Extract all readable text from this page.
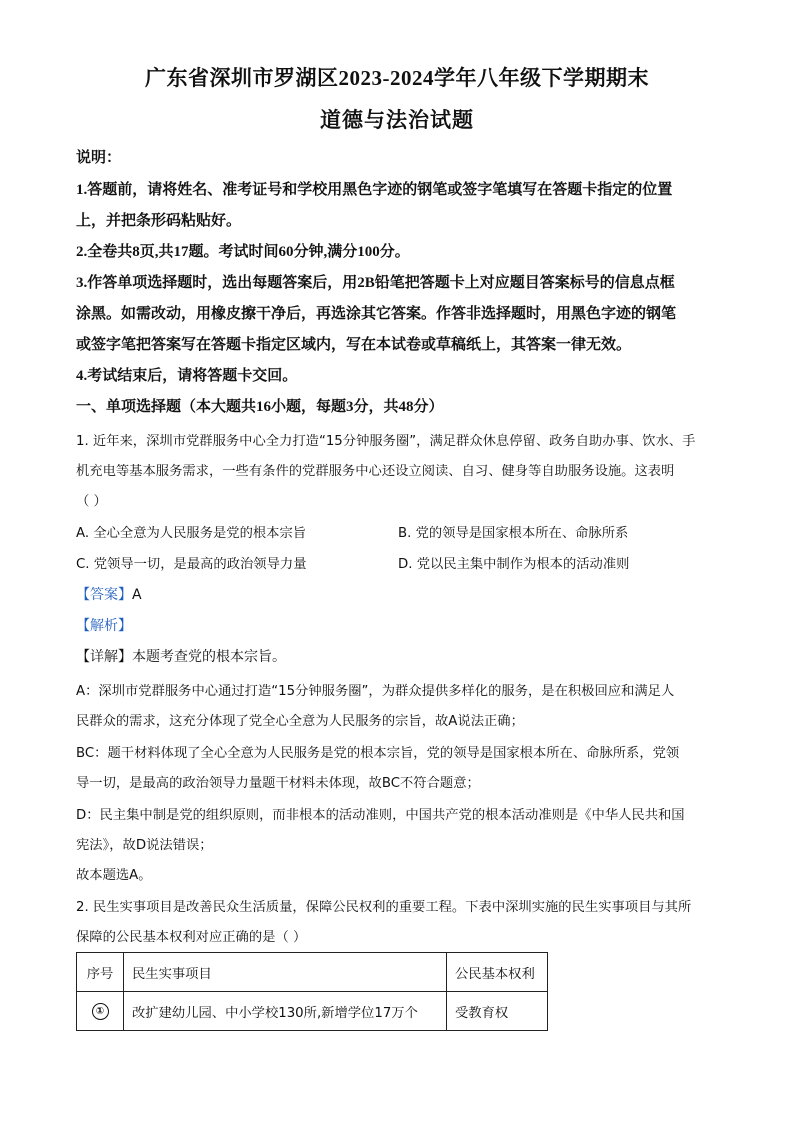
广东省深圳市罗湖区2023-2024学年八年级下学期期末
道德与法治试题
说明：
1.答题前，请将姓名、准考证号和学校用黑色字迹的钢笔或签字笔填写在答题卡指定的位置
上，并把条形码粘贴好。
2.全卷共8页,共17题。考试时间60分钟,满分100分。
3.作答单项选择题时，选出每题答案后，用2B铅笔把答题卡上对应题目答案标号的信息点框
涂黑。如需改动，用橡皮擦干净后，再选涂其它答案。作答非选择题时，用黑色字迹的钢笔
或签字笔把答案写在答题卡指定区域内，写在本试卷或草稿纸上，其答案一律无效。
4.考试结束后，请将答题卡交回。
一、单项选择题（本大题共16小题，每题3分，共48分）
1. 近年来，深圳市党群服务中心全力打造“15分钟服务圈”，满足群众休息停留、政务自助办事、饮水、手
机充电等基本服务需求，一些有条件的党群服务中心还设立阅读、自习、健身等自助服务设施。这表明
（ ）
A. 全心全意为人民服务是党的根本宗旨	B. 党的领导是国家根本所在、命脉所系
C. 党领导一切，是最高的政治领导力量	D. 党以民主集中制作为根本的活动准则
【答案】A
【解析】
【详解】本题考查党的根本宗旨。
A：深圳市党群服务中心通过打造“15分钟服务圈”，为群众提供多样化的服务，是在积极回应和满足人
民群众的需求，这充分体现了党全心全意为人民服务的宗旨，故A说法正确；
BC：题干材料体现了全心全意为人民服务是党的根本宗旨，党的领导是国家根本所在、命脉所系，党领
导一切，是最高的政治领导力量题干材料未体现，故BC不符合题意；
D：民主集中制是党的组织原则，而非根本的活动准则，中国共产党的根本活动准则是《中华人民共和国
宪法》，故D说法错误；
故本题选A。
2. 民生实事项目是改善民众生活质量，保障公民权利的重要工程。下表中深圳实施的民生实事项目与其所
保障的公民基本权利对应正确的是（ ）
序号	民生实事项目	公民基本权利
①	改扩建幼儿园、中小学校130所,新增学位17万个	受教育权
